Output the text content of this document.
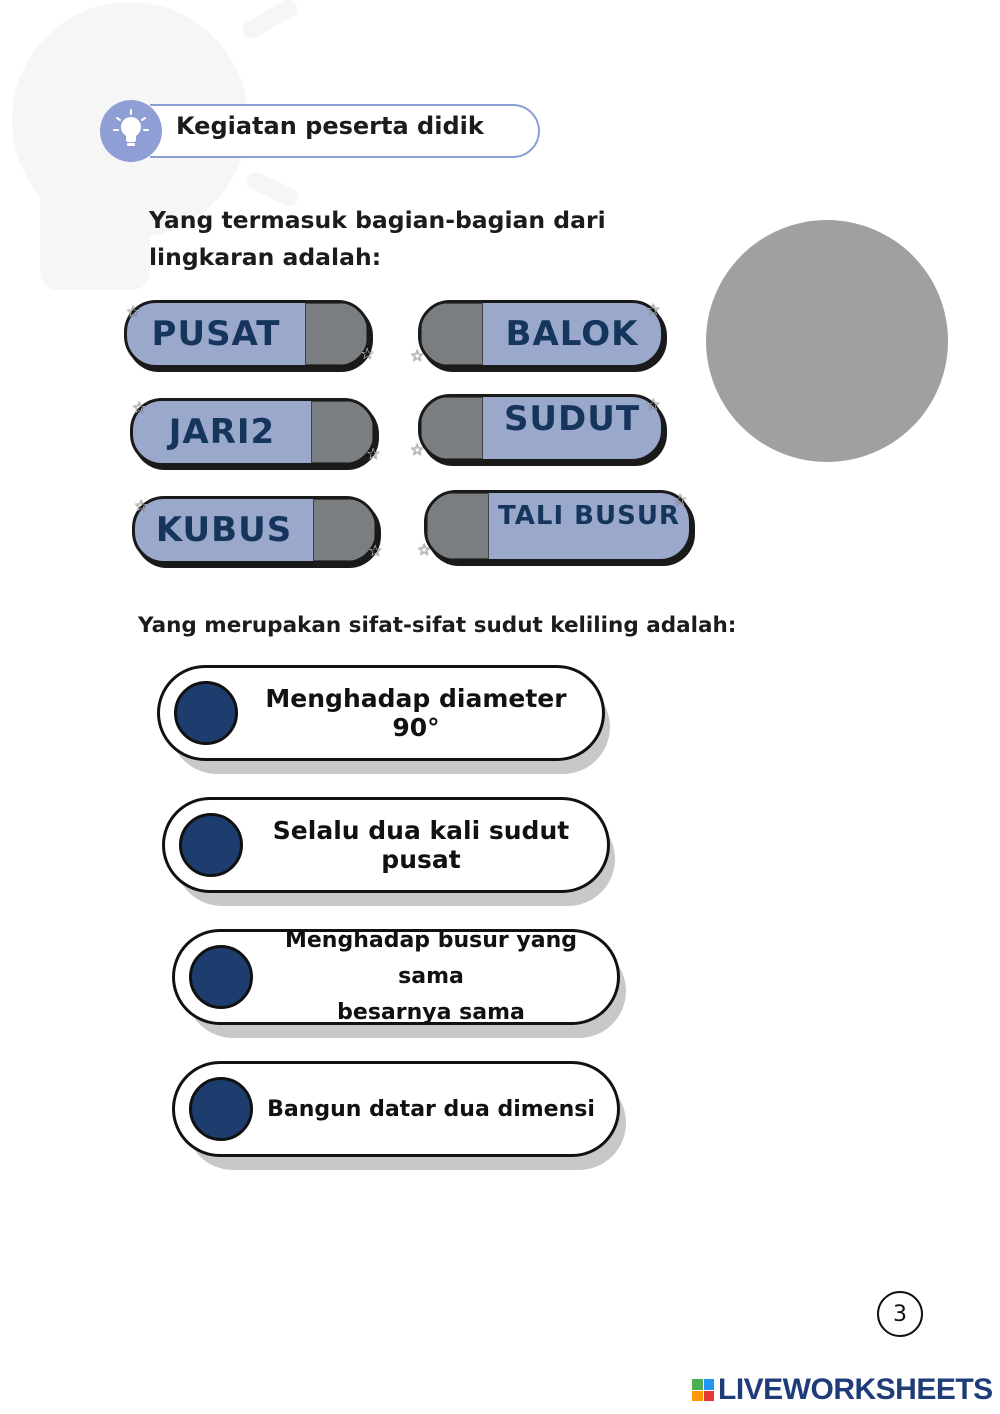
Kegiatan peserta didik
Yang termasuk bagian-bagian dari
lingkaran adalah:
PUSAT
☆
☆	BALOK
☆
☆
JARI2
☆
☆
SUDUT ☆
☆
KUBUS
☆
☆
TALI BUSUR
☆
☆
Yang merupakan sifat-sifat sudut keliling adalah:
Menghadap diameter 90°
Selalu dua kali sudut pusat
Menghadap busur yang sama
besarnya sama
Bangun datar dua dimensi
3
LIVEWORKSHEETS
